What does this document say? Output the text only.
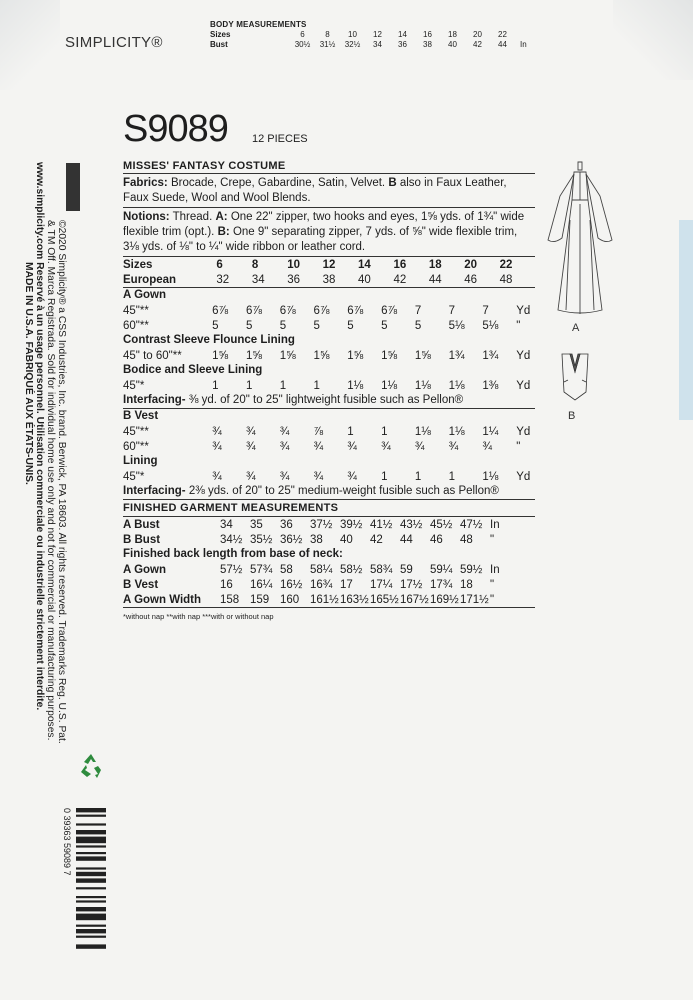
SIMPLICITY®
BODY MEASUREMENTS
Sizes	6	8	10	12	14	16	18	20	22
Bust	30½	31½	32½	34	36	38	40	42	44	In
S9089 12 PIECES
MISSES' FANTASY COSTUME
Fabrics: Brocade, Crepe, Gabardine, Satin, Velvet. B also in Faux Leather, Faux Suede, Wool and Wool Blends.
Notions: Thread. A: One 22" zipper, two hooks and eyes, 1⅝ yds. of 1¾" wide flexible trim (opt.). B: One 9" separating zipper, 7 yds. of ⅝" wide flexible trim, 3⅛ yds. of ⅛" to ¼" wide ribbon or leather cord.
Sizes	6	8	10	12	14	16	18	20	22
European	32	34	36	38	40	42	44	46	48
A Gown
45"**	6⅞	6⅞	6⅞	6⅞	6⅞	6⅞	7	7	7	Yd
60"**	5	5	5	5	5	5	5	5⅛	5⅛	"
Contrast Sleeve Flounce Lining
45" to 60"**	1⅝	1⅝	1⅝	1⅝	1⅝	1⅝	1⅝	1¾	1¾	Yd
Bodice and Sleeve Lining
45"*	1	1	1	1	1⅛	1⅛	1⅛	1⅛	1⅜	Yd
Interfacing- ⅜ yd. of 20" to 25" lightweight fusible such as Pellon®
B Vest
45"**	¾	¾	¾	⅞	1	1	1⅛	1⅛	1¼	Yd
60"**	¾	¾	¾	¾	¾	¾	¾	¾	¾	"
Lining
45"*	¾	¾	¾	¾	¾	1	1	1	1⅛	Yd
Interfacing- 2⅜ yds. of 20" to 25" medium-weight fusible such as Pellon®
FINISHED GARMENT MEASUREMENTS
A Bust	34	35	36	37½ 39½ 41½ 43½ 45½ 47½ In
B Bust	34½ 35½ 36½ 38	40	42	44	46	48	"
Finished back length from base of neck:
A Gown	57½ 57¾ 58	58¼ 58½ 58¾ 59	59¼ 59½ In
B Vest	16	16¼ 16½ 16¾ 17	17¼ 17½ 17¾ 18	"
A Gown Width	158 159 160 161½ 163½ 165½ 167½ 169½ 171½ "
*without nap **with nap ***with or without nap
USA
©2020 Simplicity® a CSS Industries, Inc. brand. Berwick, PA 18603. All rights reserved. Trademarks Reg. U.S. Pat.
& TM Off. Marca Registrada. Sold for individual home use only and not for commercial or manufacturing purposes.
www.simplicity.com Reservé à un usage personnel. Utilisation commerciale ou industrielle strictement interdite.
MADE IN U.S.A. FABRIQUÉ AUX ÉTATS-UNIS.
0 39363 59089 7
A
B
